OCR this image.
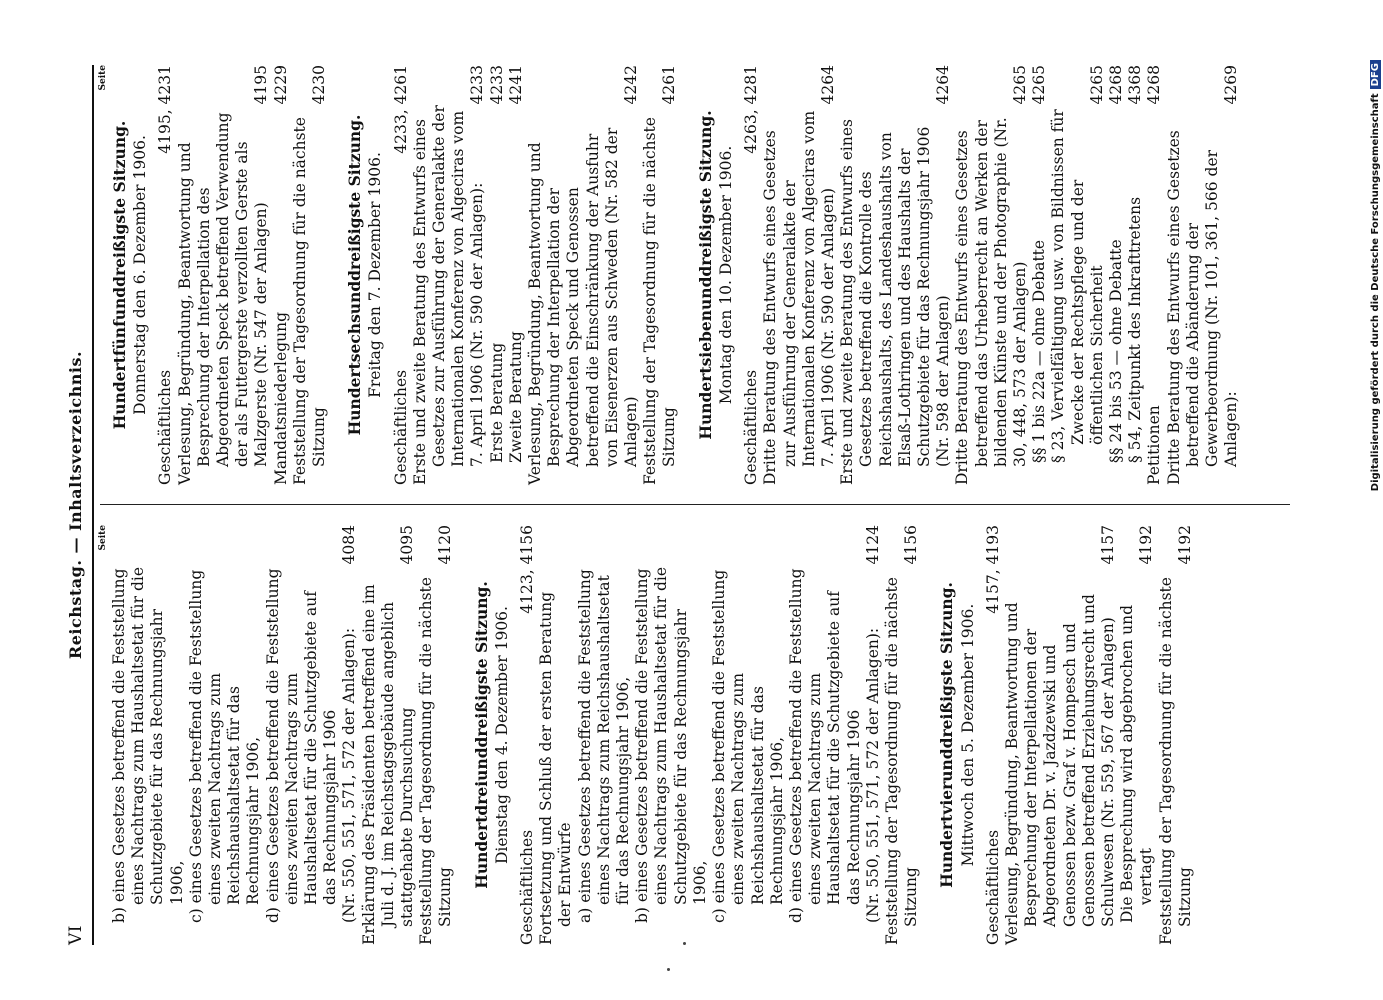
VI
Reichstag. — Inhaltsverzeichnis.	Seite

b) eines Gesetzes betreffend die Feststellung eines Nachtrags zum Haushaltsetat für die Schutzgebiete für das Rechnungsjahr 1906, c) eines Gesetzes betreffend die Feststellung eines zweiten Nachtrags zum Reichshaushaltsetat für das Rechnungsjahr 1906, d) eines Gesetzes betreffend die Feststellung eines zweiten Nachtrags zum Haushaltsetat für die Schutzgebiete auf das Rechnungsjahr 1906 (Nr. 550, 551, 571, 572 der Anlagen):
4084

Erklärung des Präsidenten betreffend eine im Juli d. J. im Reichstagsgebäude angeblich stattgehabte Durchsuchung
4095

Feststellung der Tagesordnung für die nächste Sitzung
4120

Hundertdreiunddreißigste Sitzung. Dienstag den 4. Dezember 1906.

Geschäftliches
4123, 4156

Fortsetzung und Schluß der ersten Beratung der Entwürfe a) eines Gesetzes betreffend die Feststellung eines Nachtrags zum Reichshaushaltsetat für das Rechnungsjahr 1906, b) eines Gesetzes betreffend die Feststellung eines Nachtrags zum Haushaltsetat für die Schutzgebiete für das Rechnungsjahr 1906, c) eines Gesetzes betreffend die Feststellung eines zweiten Nachtrags zum Reichshaushaltsetat für das Rechnungsjahr 1906, d) eines Gesetzes betreffend die Feststellung eines zweiten Nachtrags zum Haushaltsetat für die Schutzgebiete auf das Rechnungsjahr 1906 (Nr. 550, 551, 571, 572 der Anlagen):
4124

Feststellung der Tagesordnung für die nächste Sitzung
4156

Hundertvierunddreißigste Sitzung. Mittwoch den 5. Dezember 1906.

Geschäftliches
4157, 4193

Verlesung, Begründung, Beantwortung und Besprechung der Interpellationen der Abgeordneten Dr. v. Jazdzewski und Genossen bezw. Graf v. Hompesch und Genossen betreffend Erziehungsrecht und Schulwesen (Nr. 559, 567 der Anlagen)
4157

Die Besprechung wird abgebrochen und vertagt
4192

Feststellung der Tagesordnung für die nächste Sitzung
4192

Seite
Hundertfünfunddreißigste Sitzung. Donnerstag den 6. Dezember 1906.

Geschäftliches
4195, 4231

Verlesung, Begründung, Beantwortung und Besprechung der Interpellation des Abgeordneten Speck betreffend Verwendung der als Futtergerste verzollten Gerste als Malzgerste (Nr. 547 der Anlagen)
4195

Mandatsniederlegung
4229

Feststellung der Tagesordnung für die nächste Sitzung
4230

Hundertsechsunddreißigste Sitzung. Freitag den 7. Dezember 1906.

Geschäftliches
4233, 4261

Erste und zweite Beratung des Entwurfs eines Gesetzes zur Ausführung der Generalakte der Internationalen Konferenz von Algeciras vom 7. April 1906 (Nr. 590 der Anlagen):
4233

Erste Beratung
4233

Zweite Beratung
4241

Verlesung, Begründung, Beantwortung und Besprechung der Interpellation der Abgeordneten Speck und Genossen betreffend die Einschränkung der Ausfuhr von Eisenerzen aus Schweden (Nr. 582 der Anlagen)
4242

Feststellung der Tagesordnung für die nächste Sitzung
4261

Hundertsiebenunddreißigste Sitzung. Montag den 10. Dezember 1906.

Geschäftliches
4263, 4281

Dritte Beratung des Entwurfs eines Gesetzes zur Ausführung der Generalakte der Internationalen Konferenz von Algeciras vom 7. April 1906 (Nr. 590 der Anlagen)
4264

Erste und zweite Beratung des Entwurfs eines Gesetzes betreffend die Kontrolle des Reichshaushalts, des Landeshaushalts von Elsaß-Lothringen und des Haushalts der Schutzgebiete für das Rechnungsjahr 1906 (Nr. 598 der Anlagen)
4264

Dritte Beratung des Entwurfs eines Gesetzes betreffend das Urheberrecht an Werken der bildenden Künste und der Photographie (Nr. 30, 448, 573 der Anlagen)
4265

§§ 1 bis 22a — ohne Debatte
4265

§ 23, Vervielfältigung usw. von Bildnissen für Zwecke der Rechtspflege und der öffentlichen Sicherheit
4265

§§ 24 bis 53 — ohne Debatte
4268

§ 54, Zeitpunkt des Inkrafttretens
4368

Petitionen
4268

Dritte Beratung des Entwurfs eines Gesetzes betreffend die Abänderung der Gewerbeordnung (Nr. 101, 361, 566 der Anlagen):
4269

Digitalisierung gefördert durch die Deutsche ForschungsgemeinschaftDFG
